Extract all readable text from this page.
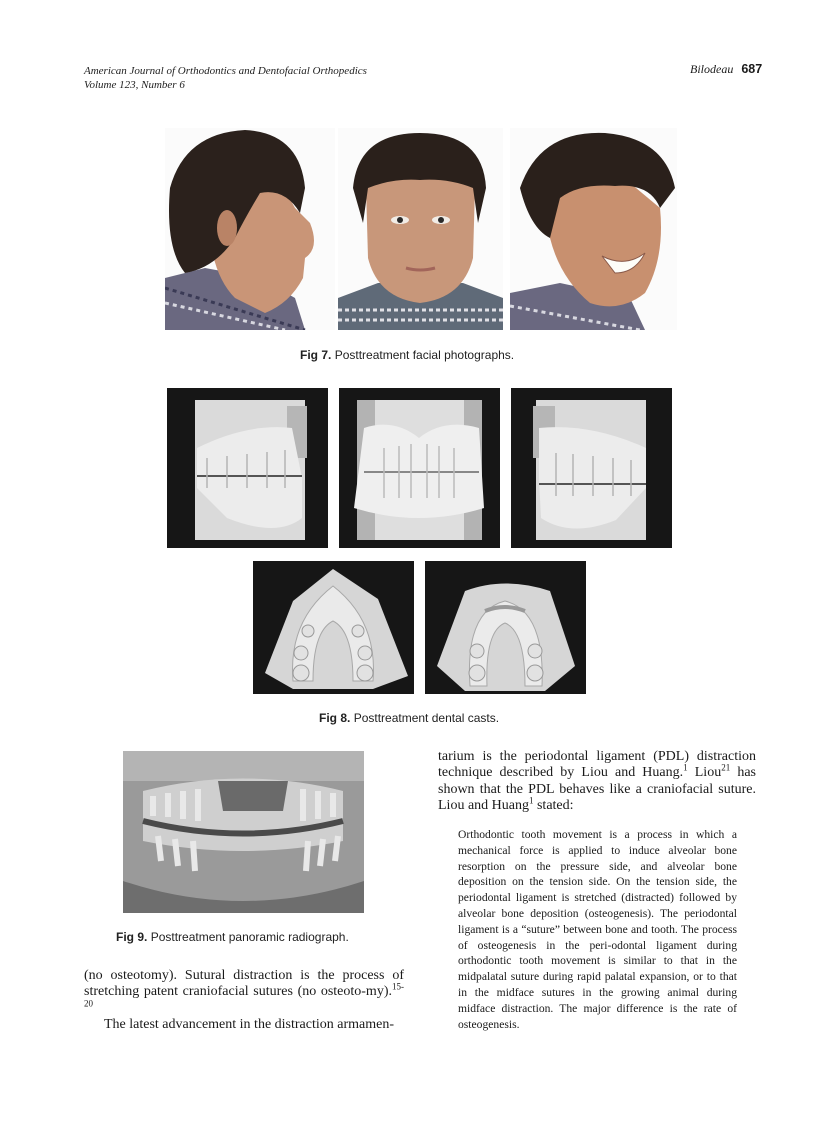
American Journal of Orthodontics and Dentofacial Orthopedics
Volume 123, Number 6
Bilodeau 687
Fig 7. Posttreatment facial photographs.
Fig 8. Posttreatment dental casts.
Fig 9. Posttreatment panoramic radiograph.
(no osteotomy). Sutural distraction is the process of stretching patent craniofacial sutures (no osteoto-my).$^{15-20}$
The latest advancement in the distraction armamen-
tarium is the periodontal ligament (PDL) distraction technique described by Liou and Huang.$^1$ Liou$^{21}$ has shown that the PDL behaves like a craniofacial suture. Liou and Huang$^1$ stated:
Orthodontic tooth movement is a process in which a mechanical force is applied to induce alveolar bone resorption on the pressure side, and alveolar bone deposition on the tension side. On the tension side, the periodontal ligament is stretched (distracted) followed by alveolar bone deposition (osteogenesis). The periodontal ligament is a “suture” between bone and tooth. The process of osteogenesis in the peri-odontal ligament during orthodontic tooth movement is similar to that in the midpalatal suture during rapid palatal expansion, or to that in the midface sutures in the growing animal during midface distraction. The major difference is the rate of osteogenesis.
